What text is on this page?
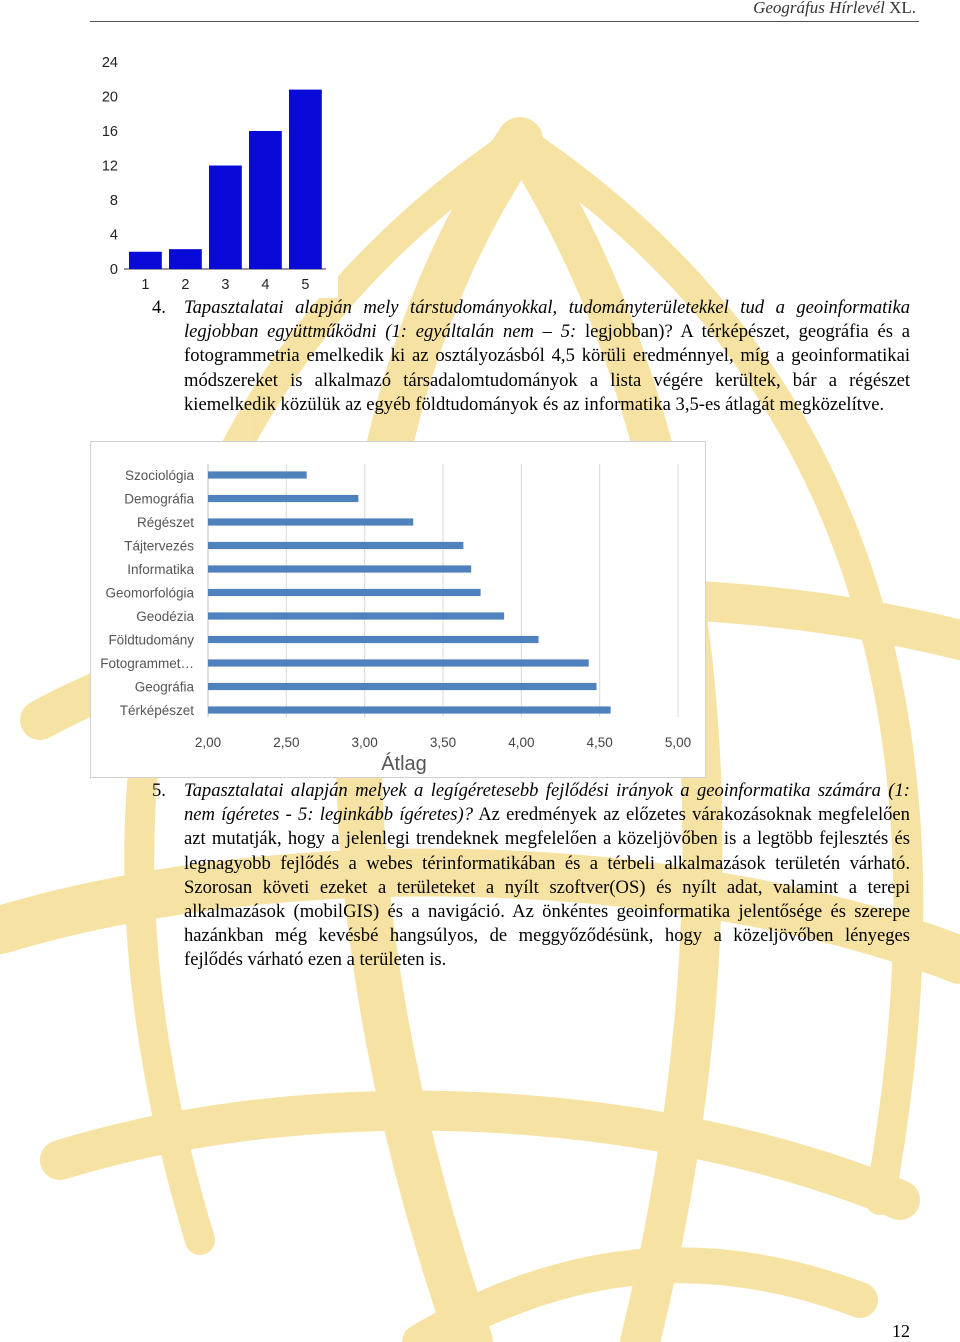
Geográfus Hírlevél XL.
0
4
8
12
16
20
24
1 2 3 4 5
4. Tapasztalatai alapján mely társtudományokkal, tudományterületekkel tud a geoinformatika legjobban együttműködni (1: egyáltalán nem – 5: legjobban)? A térképészet, geográfia és a fotogrammetria emelkedik ki az osztályozásból 4,5 körüli eredménnyel, míg a geoinformatikai módszereket is alkalmazó társadalomtudományok a lista végére kerültek, bár a régészet kiemelkedik közülük az egyéb földtudományok és az informatika 3,5-es átlagát megközelítve.
2,00	2,50	3,00	3,50	4,00	4,50	5,00
Szociológia
Demográfia
Régészet
Tájtervezés
Informatika
Geomorfológia
Geodézia
Földtudomány
Fotogrammet…
Geográfia
Térképészet
Átlag
5. Tapasztalatai alapján melyek a legígéretesebb fejlődési irányok a geoinformatika számára (1: nem ígéretes - 5: leginkább ígéretes)? Az eredmények az előzetes várakozásoknak megfelelően azt mutatják, hogy a jelenlegi trendeknek megfelelően a közeljövőben is a legtöbb fejlesztés és legnagyobb fejlődés a webes térinformatikában és a térbeli alkalmazások területén várható. Szorosan követi ezeket a területeket a nyílt szoftver(OS) és nyílt adat, valamint a terepi alkalmazások (mobilGIS) és a navigáció. Az önkéntes geoinformatika jelentősége és szerepe hazánkban még kevésbé hangsúlyos, de meggyőződésünk, hogy a közeljövőben lényeges fejlődés várható ezen a területen is.
12
